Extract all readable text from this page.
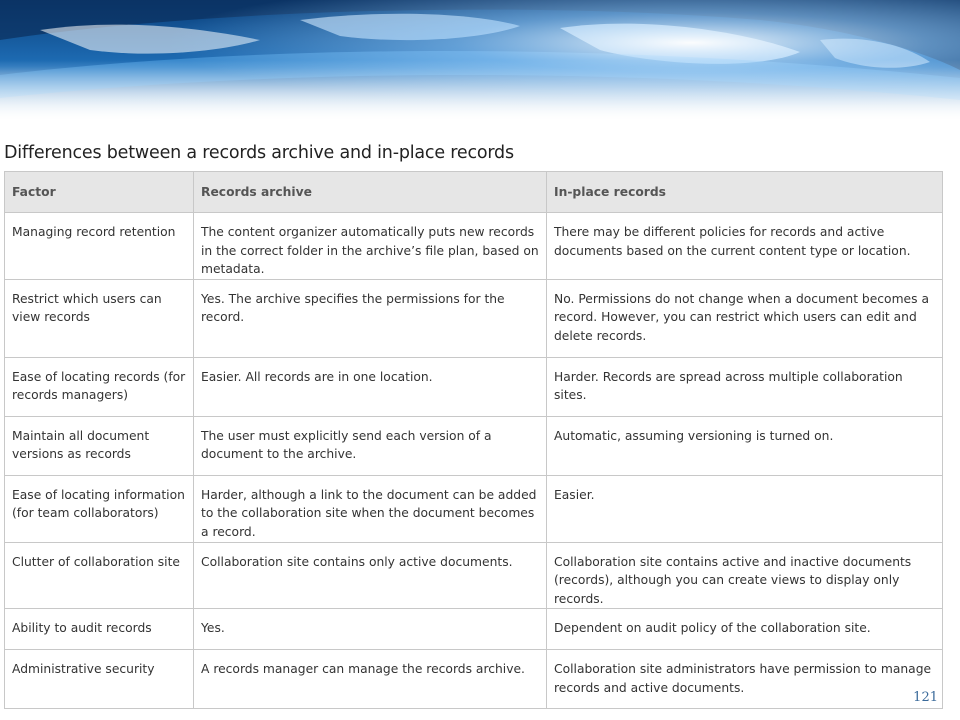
Differences between a records archive and in-place records
Factor	Records archive	In-place records
Managing record retention	The content organizer automatically puts new records in the correct folder in the archive’s file plan, based on metadata.	There may be different policies for records and active documents based on the current content type or location.
Restrict which users can view records	Yes. The archive specifies the permissions for the record.	No. Permissions do not change when a document becomes a record. However, you can restrict which users can edit and delete records.
Ease of locating records (for records managers)	Easier. All records are in one location.	Harder. Records are spread across multiple collaboration sites.
Maintain all document versions as records	The user must explicitly send each version of a document to the archive.	Automatic, assuming versioning is turned on.
Ease of locating information (for team collaborators)	Harder, although a link to the document can be added to the collaboration site when the document becomes a record.	Easier.
Clutter of collaboration site	Collaboration site contains only active documents.	Collaboration site contains active and inactive documents (records), although you can create views to display only records.
Ability to audit records	Yes.	Dependent on audit policy of the collaboration site.
Administrative security	A records manager can manage the records archive.	Collaboration site administrators have permission to manage records and active documents.
121
